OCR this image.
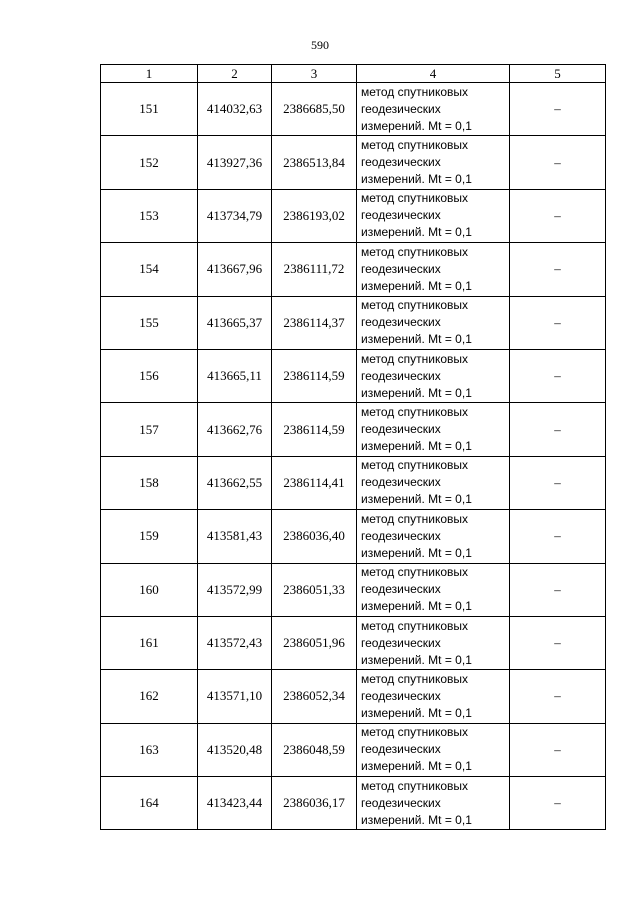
590
1	2	3	4	5
151	414032,63	2386685,50	метод спутниковых
геодезических
измерений. Mt = 0,1	–
152	413927,36	2386513,84	метод спутниковых
геодезических
измерений. Mt = 0,1	–
153	413734,79	2386193,02	метод спутниковых
геодезических
измерений. Mt = 0,1	–
154	413667,96	2386111,72	метод спутниковых
геодезических
измерений. Mt = 0,1	–
155	413665,37	2386114,37	метод спутниковых
геодезических
измерений. Mt = 0,1	–
156	413665,11	2386114,59	метод спутниковых
геодезических
измерений. Mt = 0,1	–
157	413662,76	2386114,59	метод спутниковых
геодезических
измерений. Mt = 0,1	–
158	413662,55	2386114,41	метод спутниковых
геодезических
измерений. Mt = 0,1	–
159	413581,43	2386036,40	метод спутниковых
геодезических
измерений. Mt = 0,1	–
160	413572,99	2386051,33	метод спутниковых
геодезических
измерений. Mt = 0,1	–
161	413572,43	2386051,96	метод спутниковых
геодезических
измерений. Mt = 0,1	–
162	413571,10	2386052,34	метод спутниковых
геодезических
измерений. Mt = 0,1	–
163	413520,48	2386048,59	метод спутниковых
геодезических
измерений. Mt = 0,1	–
164	413423,44	2386036,17	метод спутниковых
геодезических
измерений. Mt = 0,1	–
